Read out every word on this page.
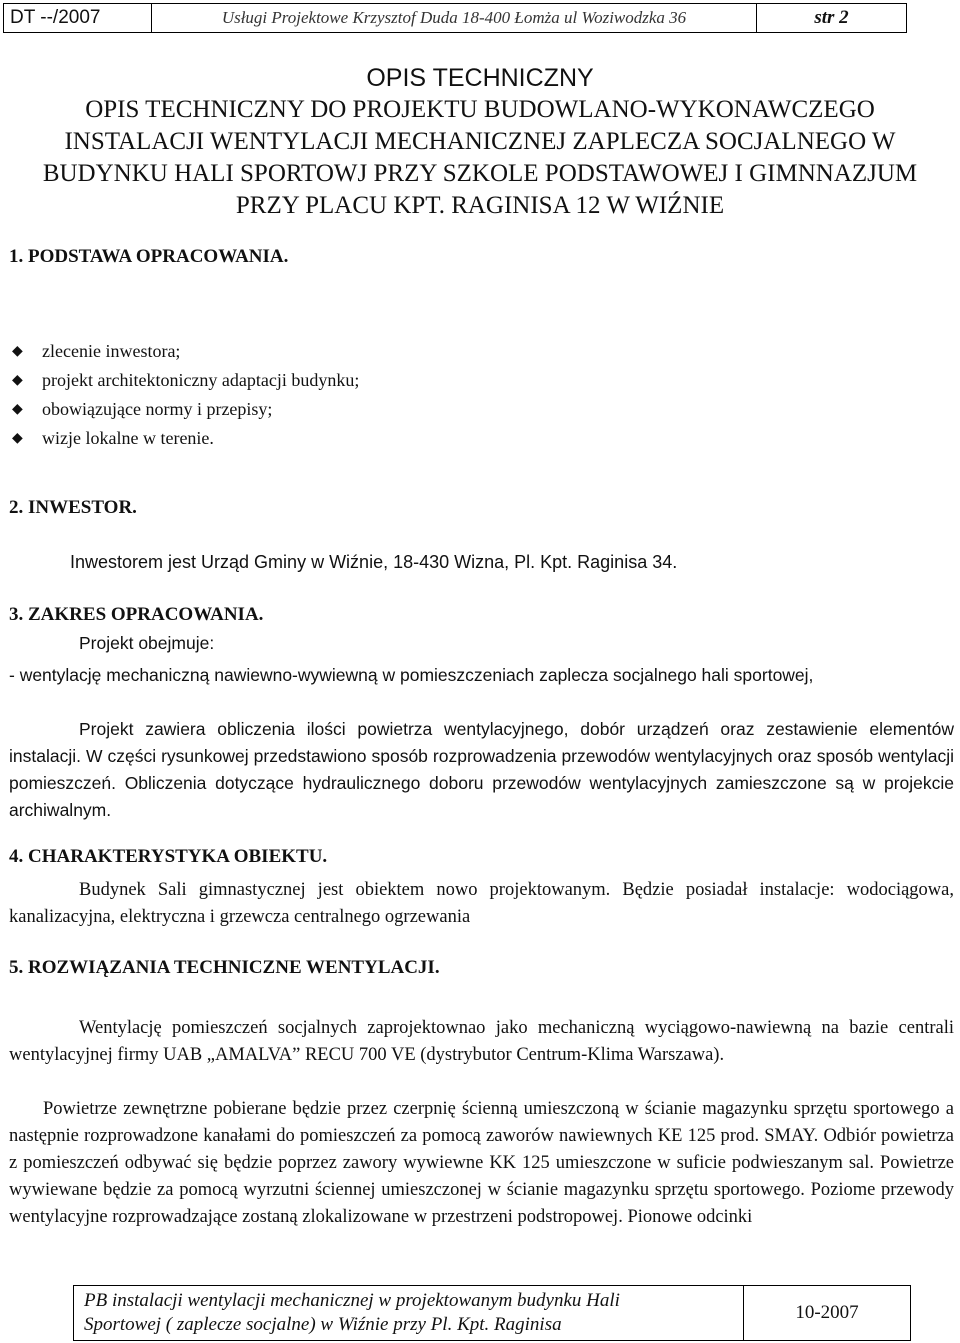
DT --/2007	Usługi Projektowe Krzysztof Duda 18-400 Łomża ul Woziwodzka 36	str 2
OPIS TECHNICZNY
OPIS TECHNICZNY DO PROJEKTU BUDOWLANO-WYKONAWCZEGO
INSTALACJI WENTYLACJI MECHANICZNEJ ZAPLECZA SOCJALNEGO W
BUDYNKU HALI SPORTOWJ PRZY SZKOLE PODSTAWOWEJ I GIMNNAZJUM
PRZY PLACU KPT. RAGINISA 12 W WIŹNIE
1. PODSTAWA OPRACOWANIA.
◆	zlecenie inwestora;
◆	projekt architektoniczny adaptacji budynku;
◆	obowiązujące normy i przepisy;
◆	wizje lokalne w terenie.
2. INWESTOR.
Inwestorem jest Urząd Gminy w Wiźnie, 18-430 Wizna, Pl. Kpt. Raginisa 34.
3. ZAKRES OPRACOWANIA.
Projekt obejmuje:
- wentylację mechaniczną nawiewno-wywiewną w pomieszczeniach zaplecza socjalnego hali sportowej,
Projekt zawiera obliczenia ilości powietrza wentylacyjnego, dobór urządzeń oraz zestawienie elementów instalacji. W części rysunkowej przedstawiono sposób rozprowadzenia przewodów wentylacyjnych oraz sposób wentylacji pomieszczeń. Obliczenia dotyczące hydraulicznego doboru przewodów wentylacyjnych zamieszczone są w projekcie archiwalnym.
4. CHARAKTERYSTYKA OBIEKTU.
Budynek Sali gimnastycznej jest obiektem nowo projektowanym. Będzie posiadał instalacje: wodociągowa, kanalizacyjna, elektryczna i grzewcza centralnego ogrzewania
5. ROZWIĄZANIA TECHNICZNE WENTYLACJI.
Wentylację pomieszczeń socjalnych zaprojektownao jako mechaniczną wyciągowo-nawiewną na bazie centrali wentylacyjnej firmy UAB „AMALVA” RECU 700 VE (dystrybutor Centrum-Klima Warszawa).
Powietrze zewnętrzne pobierane będzie przez czerpnię ścienną umieszczoną w ścianie magazynku sprzętu sportowego a następnie rozprowadzone kanałami do pomieszczeń za pomocą zaworów nawiewnych KE 125 prod. SMAY. Odbiór powietrza z pomieszczeń odbywać się będzie poprzez zawory wywiewne KK 125 umieszczone w suficie podwieszanym sal. Powietrze wywiewane będzie za pomocą wyrzutni ściennej umieszczonej w ścianie magazynku sprzętu sportowego. Poziome przewody wentylacyjne rozprowadzające zostaną zlokalizowane w przestrzeni podstropowej. Pionowe odcinki
PB instalacji wentylacji mechanicznej w projektowanym budynku Hali
Sportowej ( zaplecze socjalne) w Wiźnie przy Pl. Kpt. Raginisa
10-2007
